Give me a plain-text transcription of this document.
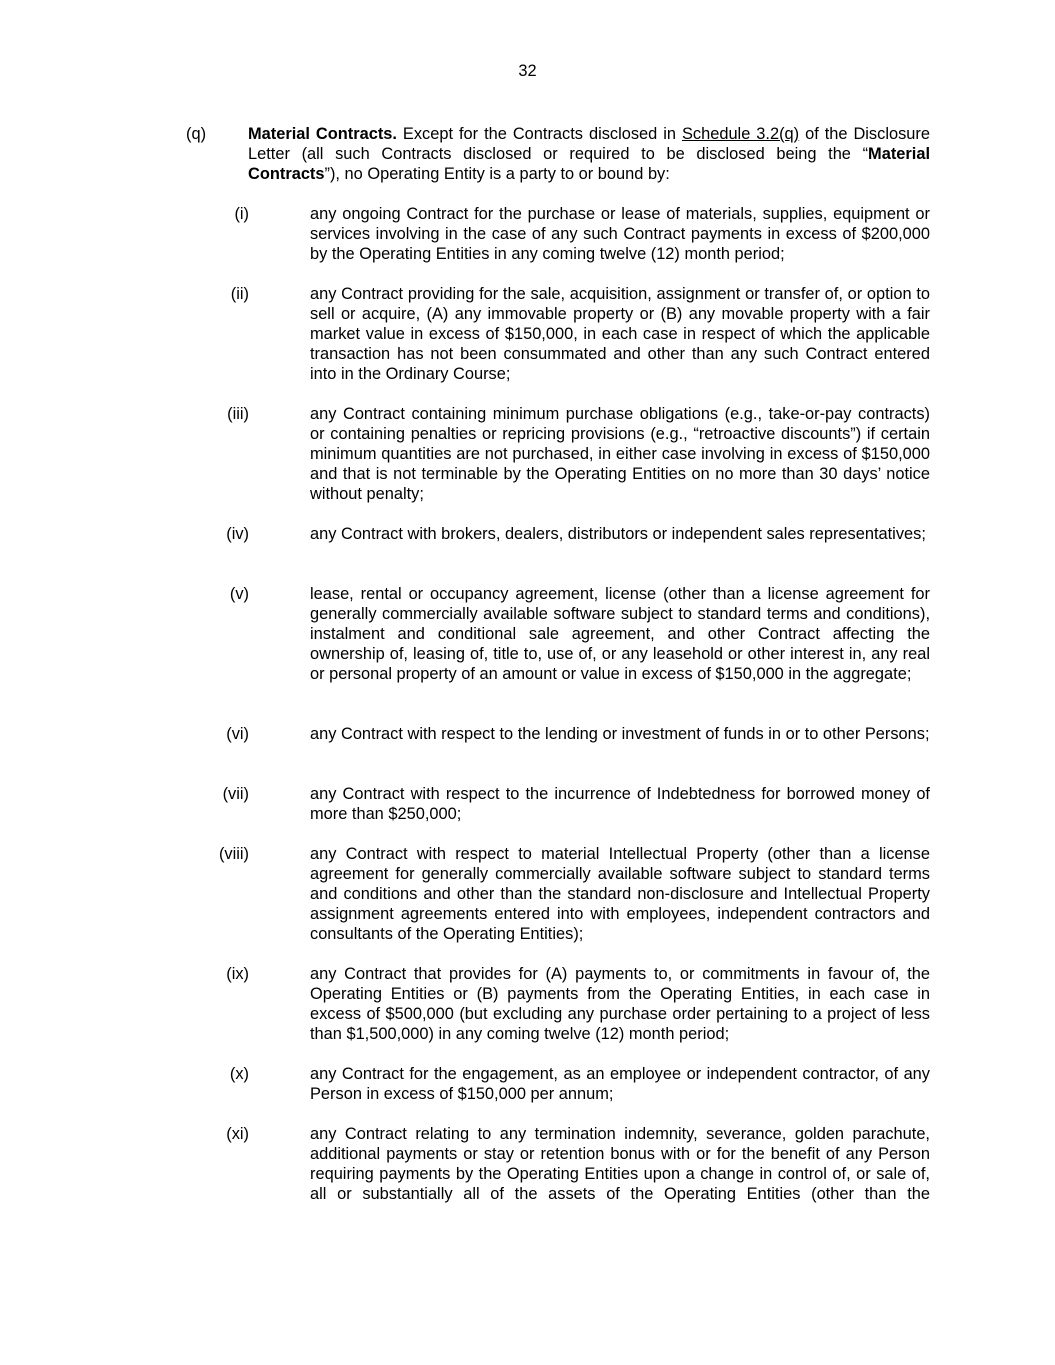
32
(q)	Material Contracts. Except for the Contracts disclosed in Schedule 3.2(q) of the Disclosure Letter (all such Contracts disclosed or required to be disclosed being the “Material Contracts”), no Operating Entity is a party to or bound by:
(i)	any ongoing Contract for the purchase or lease of materials, supplies, equipment or services involving in the case of any such Contract payments in excess of $200,000 by the Operating Entities in any coming twelve (12) month period;
(ii)	any Contract providing for the sale, acquisition, assignment or transfer of, or option to sell or acquire, (A) any immovable property or (B) any movable property with a fair market value in excess of $150,000, in each case in respect of which the applicable transaction has not been consummated and other than any such Contract entered into in the Ordinary Course;
(iii)	any Contract containing minimum purchase obligations (e.g., take-or-pay contracts) or containing penalties or repricing provisions (e.g., “retroactive discounts”) if certain minimum quantities are not purchased, in either case involving in excess of $150,000 and that is not terminable by the Operating Entities on no more than 30 days’ notice without penalty;
(iv)	any Contract with brokers, dealers, distributors or independent sales representatives;
(v)	lease, rental or occupancy agreement, license (other than a license agreement for generally commercially available software subject to standard terms and conditions), instalment and conditional sale agreement, and other Contract affecting the ownership of, leasing of, title to, use of, or any leasehold or other interest in, any real or personal property of an amount or value in excess of $150,000 in the aggregate;
(vi)	any Contract with respect to the lending or investment of funds in or to other Persons;
(vii)	any Contract with respect to the incurrence of Indebtedness for borrowed money of more than $250,000;
(viii)	any Contract with respect to material Intellectual Property (other than a license agreement for generally commercially available software subject to standard terms and conditions and other than the standard non-disclosure and Intellectual Property assignment agreements entered into with employees, independent contractors and consultants of the Operating Entities);
(ix)	any Contract that provides for (A) payments to, or commitments in favour of, the Operating Entities or (B) payments from the Operating Entities, in each case in excess of $500,000 (but excluding any purchase order pertaining to a project of less than $1,500,000) in any coming twelve (12) month period;
(x)	any Contract for the engagement, as an employee or independent contractor, of any Person in excess of $150,000 per annum;
(xi)	any Contract relating to any termination indemnity, severance, golden parachute, additional payments or stay or retention bonus with or for the benefit of any Person requiring payments by the Operating Entities upon a change in control of, or sale of, all or substantially all of the assets of the Operating Entities (other than the
